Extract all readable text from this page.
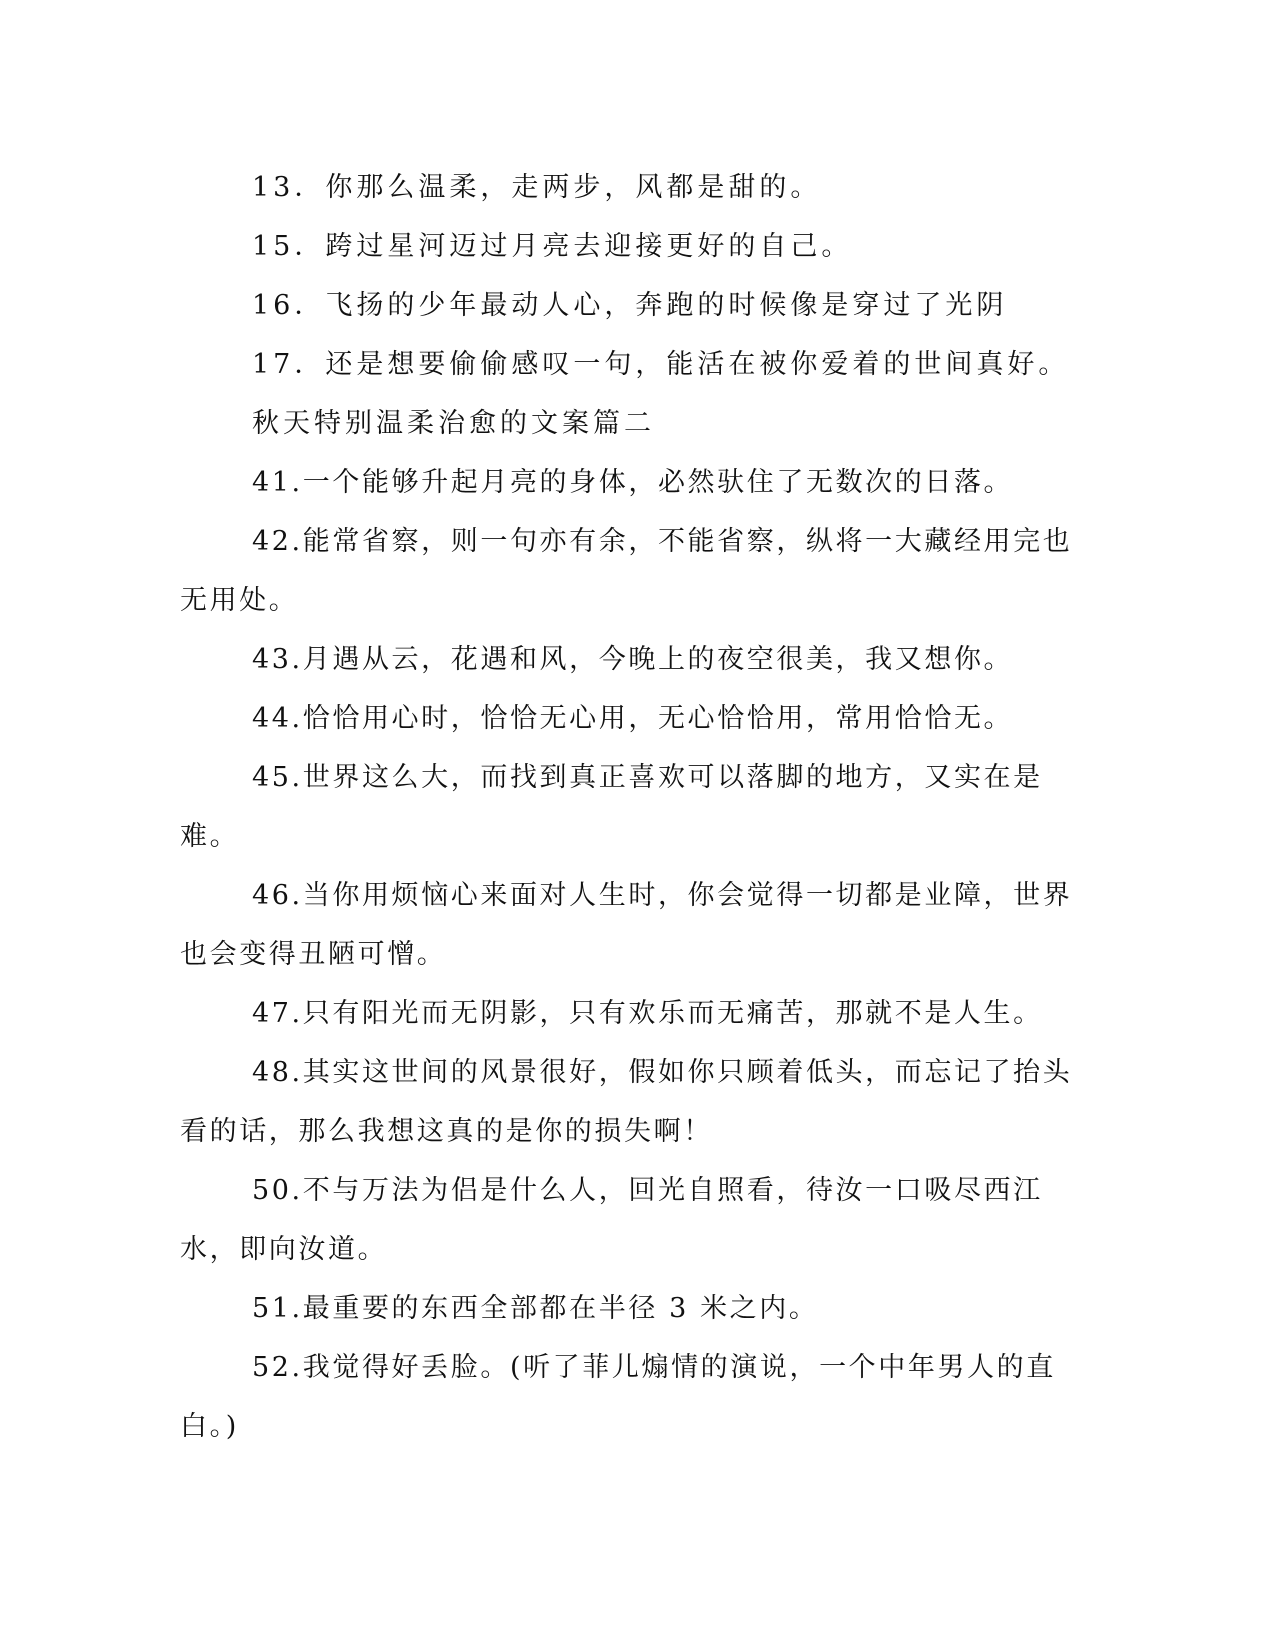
13．你那么温柔，走两步，风都是甜的。

15．跨过星河迈过月亮去迎接更好的自己。

16．飞扬的少年最动人心，奔跑的时候像是穿过了光阴

17．还是想要偷偷感叹一句，能活在被你爱着的世间真好。

秋天特别温柔治愈的文案篇二

41.一个能够升起月亮的身体，必然驮住了无数次的日落。

42.能常省察，则一句亦有余，不能省察，纵将一大藏经用完也无用处。

43.月遇从云，花遇和风，今晚上的夜空很美，我又想你。

44.恰恰用心时，恰恰无心用，无心恰恰用，常用恰恰无。

45.世界这么大，而找到真正喜欢可以落脚的地方，又实在是难。

46.当你用烦恼心来面对人生时，你会觉得一切都是业障，世界也会变得丑陋可憎。

47.只有阳光而无阴影，只有欢乐而无痛苦，那就不是人生。

48.其实这世间的风景很好，假如你只顾着低头，而忘记了抬头看的话，那么我想这真的是你的损失啊！

50.不与万法为侣是什么人，回光自照看，待汝一口吸尽西江水，即向汝道。

51.最重要的东西全部都在半径 3 米之内。

52.我觉得好丢脸。(听了菲儿煽情的演说，一个中年男人的直白。)
